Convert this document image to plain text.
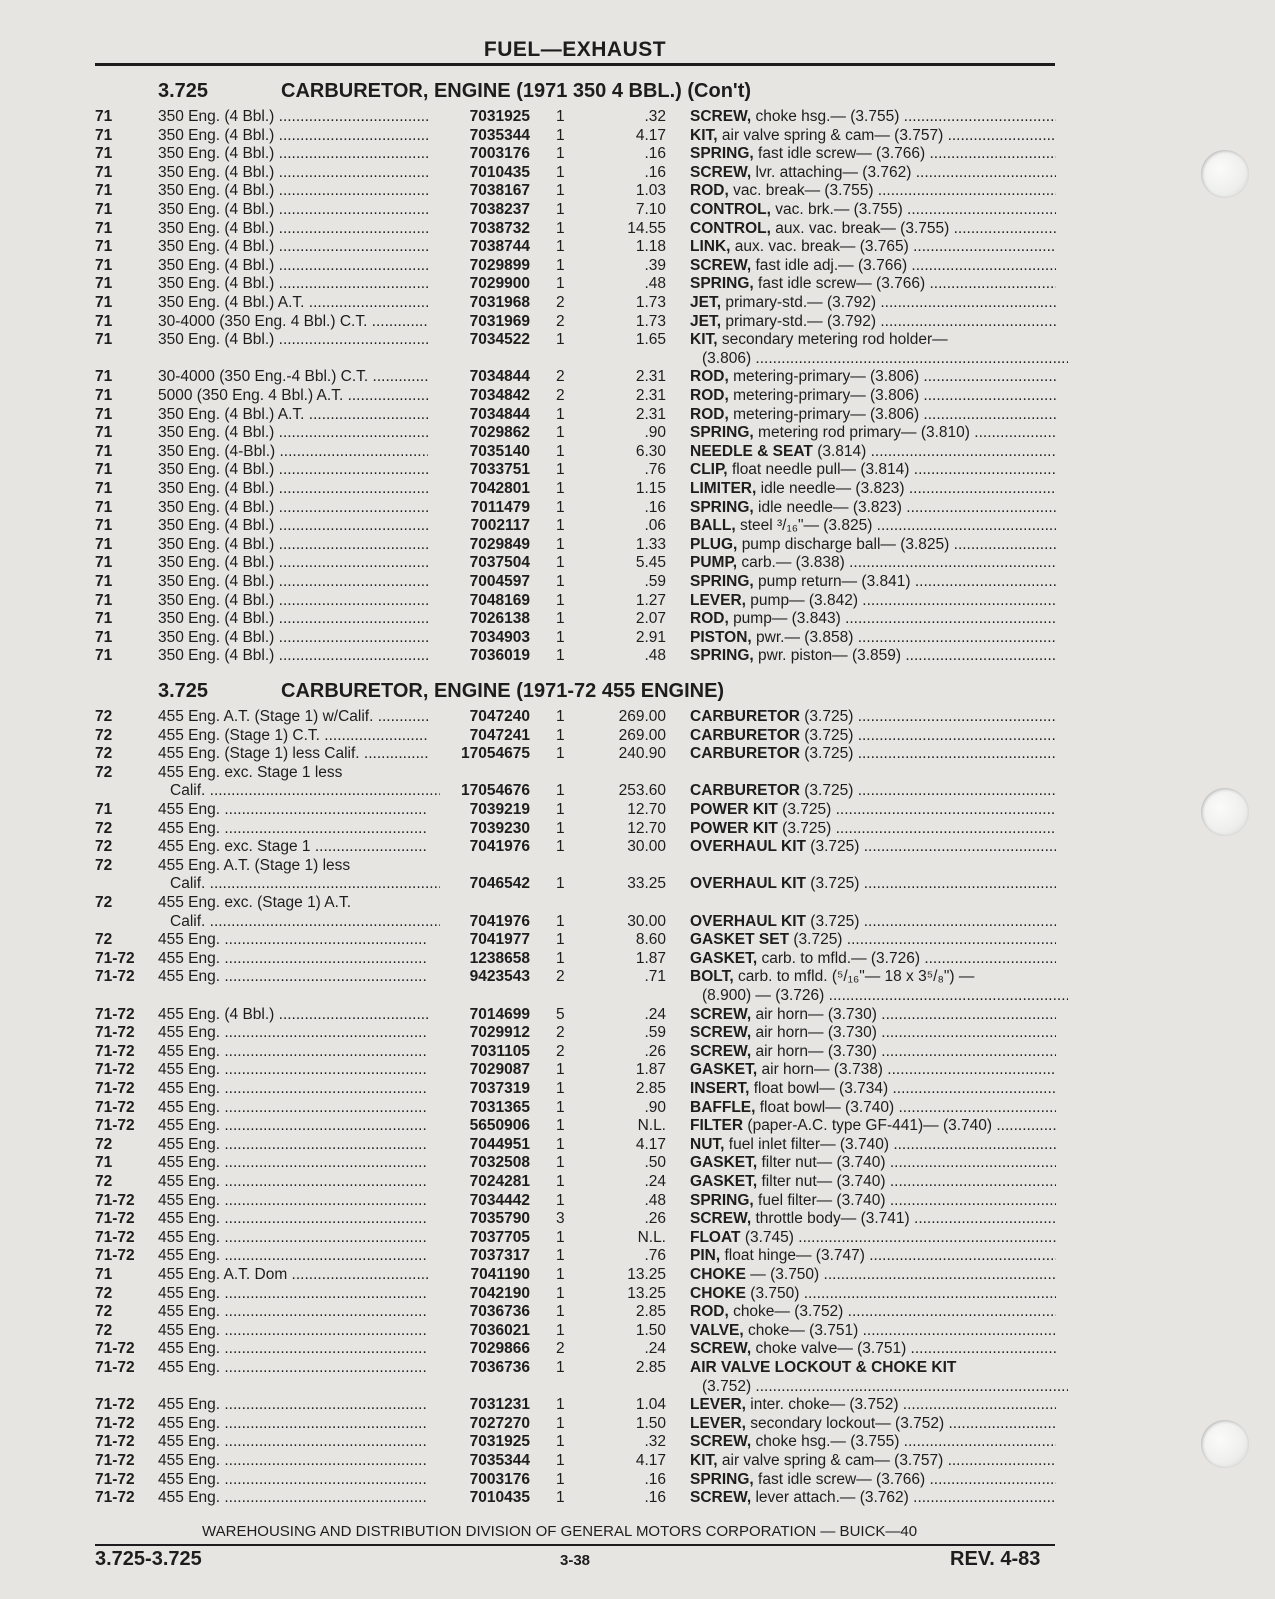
FUEL—EXHAUST
3.725	CARBURETOR, ENGINE (1971 350 4 BBL.) (Con't)
71	350 Eng. (4 Bbl.) .....	7031925 1	.32 SCREW, choke hsg.— (3.755) .....
71	350 Eng. (4 Bbl.) .....	7035344 1	4.17 KIT, air valve spring & cam— (3.757) .....
71	350 Eng. (4 Bbl.) .....	7003176 1	.16 SPRING, fast idle screw— (3.766) .....
71	350 Eng. (4 Bbl.) .....	7010435 1	.16 SCREW, lvr. attaching— (3.762) .....
71	350 Eng. (4 Bbl.) .....	7038167 1	1.03 ROD, vac. break— (3.755) .....
71	350 Eng. (4 Bbl.) .....	7038237 1	7.10 CONTROL, vac. brk.— (3.755) .....
71	350 Eng. (4 Bbl.) .....	7038732 1	14.55 CONTROL, aux. vac. break— (3.755) .....
71	350 Eng. (4 Bbl.) .....	7038744 1	1.18 LINK, aux. vac. break— (3.765) .....
71	350 Eng. (4 Bbl.) .....	7029899 1	.39 SCREW, fast idle adj.— (3.766) .....
71	350 Eng. (4 Bbl.) .....	7029900 1	.48 SPRING, fast idle screw— (3.766) .....
71	350 Eng. (4 Bbl.) A.T. .....	7031968 2	1.73 JET, primary-std.— (3.792) .....
71	30-4000 (350 Eng. 4 Bbl.) C.T. .....	7031969 2	1.73 JET, primary-std.— (3.792) .....
71	350 Eng. (4 Bbl.) .....	7034522 1	1.65 KIT, secondary metering rod holder—
(3.806) .....
71	30-4000 (350 Eng.-4 Bbl.) C.T. .....	7034844 2	2.31 ROD, metering-primary— (3.806) .....
71	5000 (350 Eng. 4 Bbl.) A.T. .....	7034842 2	2.31 ROD, metering-primary— (3.806) .....
71	350 Eng. (4 Bbl.) A.T. .....	7034844 1	2.31 ROD, metering-primary— (3.806) .....
71	350 Eng. (4 Bbl.) .....	7029862 1	.90 SPRING, metering rod primary— (3.810) .....
71	350 Eng. (4-Bbl.) .....	7035140 1	6.30 NEEDLE & SEAT (3.814) .....
71	350 Eng. (4 Bbl.) .....	7033751 1	.76 CLIP, float needle pull— (3.814) .....
71	350 Eng. (4 Bbl.) .....	7042801 1	1.15 LIMITER, idle needle— (3.823) .....
71	350 Eng. (4 Bbl.) .....	7011479 1	.16 SPRING, idle needle— (3.823) .....
71	350 Eng. (4 Bbl.) .....	7002117 1	.06 BALL, steel ³/₁₆"— (3.825) .....
71	350 Eng. (4 Bbl.) .....	7029849 1	1.33 PLUG, pump discharge ball— (3.825) .....
71	350 Eng. (4 Bbl.) .....	7037504 1	5.45 PUMP, carb.— (3.838) .....
71	350 Eng. (4 Bbl.) .....	7004597 1	.59 SPRING, pump return— (3.841) .....
71	350 Eng. (4 Bbl.) .....	7048169 1	1.27 LEVER, pump— (3.842) .....
71	350 Eng. (4 Bbl.) .....	7026138 1	2.07 ROD, pump— (3.843) .....
71	350 Eng. (4 Bbl.) .....	7034903 1	2.91 PISTON, pwr.— (3.858) .....
71	350 Eng. (4 Bbl.) .....	7036019 1	.48 SPRING, pwr. piston— (3.859) .....
3.725	CARBURETOR, ENGINE (1971-72 455 ENGINE)
72	455 Eng. A.T. (Stage 1) w/Calif. .....	7047240 1	269.00 CARBURETOR (3.725) .....
72	455 Eng. (Stage 1) C.T. .....	7047241 1	269.00 CARBURETOR (3.725) .....
72	455 Eng. (Stage 1) less Calif. .....	17054675 1	240.90 CARBURETOR (3.725) .....
72	455 Eng. exc. Stage 1 less
Calif. .....	17054676 1	253.60 CARBURETOR (3.725) .....
71	455 Eng. .....	7039219 1	12.70 POWER KIT (3.725) .....
72	455 Eng. .....	7039230 1	12.70 POWER KIT (3.725) .....
72	455 Eng. exc. Stage 1 .....	7041976 1	30.00 OVERHAUL KIT (3.725) .....
72	455 Eng. A.T. (Stage 1) less
Calif. .....	7046542 1	33.25 OVERHAUL KIT (3.725) .....
72	455 Eng. exc. (Stage 1) A.T.
Calif. .....	7041976 1	30.00 OVERHAUL KIT (3.725) .....
72	455 Eng. .....	7041977 1	8.60 GASKET SET (3.725) .....
71-72 455 Eng. .....	1238658 1	1.87 GASKET, carb. to mfld.— (3.726) .....
71-72 455 Eng. .....	9423543 2	.71 BOLT, carb. to mfld. (⁵/₁₆"— 18 x 3⁵/₈") —
(8.900) — (3.726) .....
71-72 455 Eng. (4 Bbl.) .....	7014699 5	.24 SCREW, air horn— (3.730) .....
71-72 455 Eng. .....	7029912 2	.59 SCREW, air horn— (3.730) .....
71-72 455 Eng. .....	7031105 2	.26 SCREW, air horn— (3.730) .....
71-72 455 Eng. .....	7029087 1	1.87 GASKET, air horn— (3.738) .....
71-72 455 Eng. .....	7037319 1	2.85 INSERT, float bowl— (3.734) .....
71-72 455 Eng. .....	7031365 1	.90 BAFFLE, float bowl— (3.740) .....
71-72 455 Eng. .....	5650906 1	N.L. FILTER (paper-A.C. type GF-441)— (3.740) .....
72	455 Eng. .....	7044951 1	4.17 NUT, fuel inlet filter— (3.740) .....
71	455 Eng. .....	7032508 1	.50 GASKET, filter nut— (3.740) .....
72	455 Eng. .....	7024281 1	.24 GASKET, filter nut— (3.740) .....
71-72 455 Eng. .....	7034442 1	.48 SPRING, fuel filter— (3.740) .....
71-72 455 Eng. .....	7035790 3	.26 SCREW, throttle body— (3.741) .....
71-72 455 Eng. .....	7037705 1	N.L. FLOAT (3.745) .....
71-72 455 Eng. .....	7037317 1	.76 PIN, float hinge— (3.747) .....
71	455 Eng. A.T. Dom .....	7041190 1	13.25 CHOKE — (3.750) .....
72	455 Eng. .....	7042190 1	13.25 CHOKE (3.750) .....
72	455 Eng. .....	7036736 1	2.85 ROD, choke— (3.752) .....
72	455 Eng. .....	7036021 1	1.50 VALVE, choke— (3.751) .....
71-72 455 Eng. .....	7029866 2	.24 SCREW, choke valve— (3.751) .....
71-72 455 Eng. .....	7036736 1	2.85 AIR VALVE LOCKOUT & CHOKE KIT
(3.752) .....
71-72 455 Eng. .....	7031231 1	1.04 LEVER, inter. choke— (3.752) .....
71-72 455 Eng. .....	7027270 1	1.50 LEVER, secondary lockout— (3.752) .....
71-72 455 Eng. .....	7031925 1	.32 SCREW, choke hsg.— (3.755) .....
71-72 455 Eng. .....	7035344 1	4.17 KIT, air valve spring & cam— (3.757) .....
71-72 455 Eng. .....	7003176 1	.16 SPRING, fast idle screw— (3.766) .....
71-72 455 Eng. .....	7010435 1	.16 SCREW, lever attach.— (3.762) .....
WAREHOUSING AND DISTRIBUTION DIVISION OF GENERAL MOTORS CORPORATION — BUICK—40
3.725-3.725	3-38	REV. 4-83
